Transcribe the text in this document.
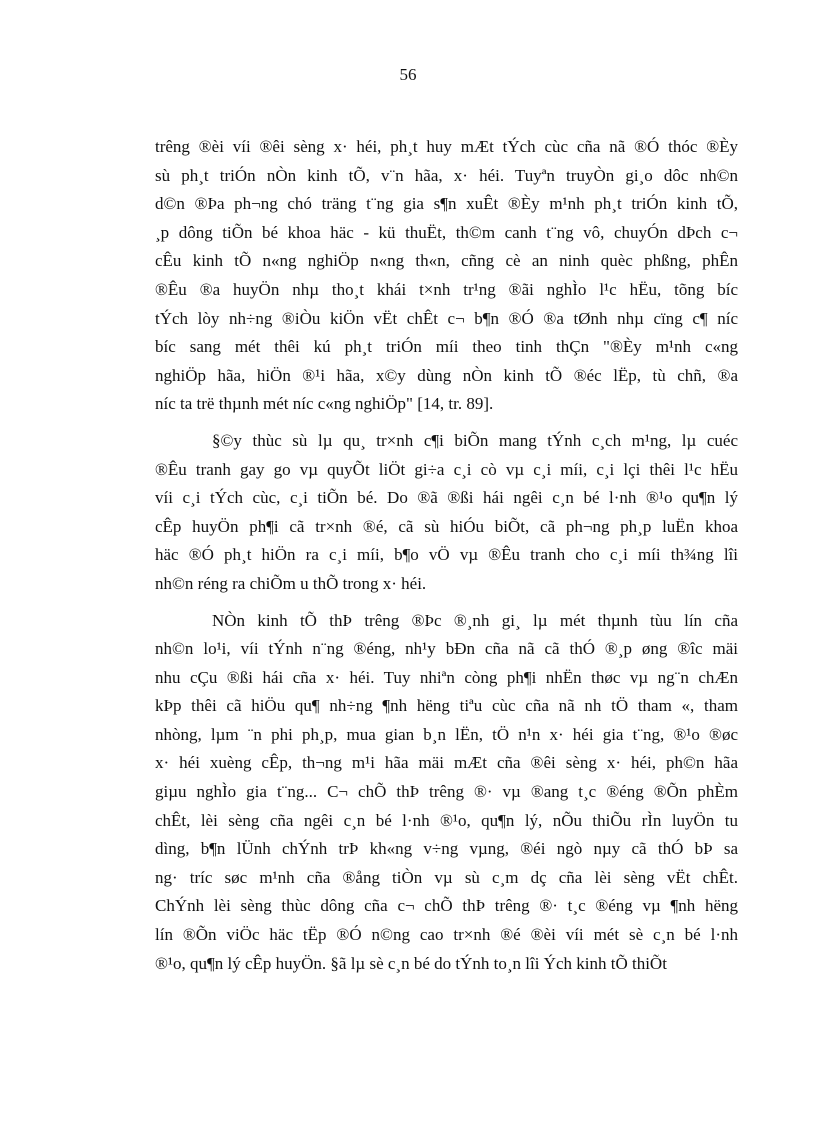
56

trêng ®èi víi ®êi sèng x· héi, ph¸t huy mÆt tÝch cùc cña nã ®Ó thóc ®Èy
sù ph¸t triÓn nÒn kinh tÕ, v¨n hãa, x· héi. Tuyªn truyÒn gi¸o dôc nh©n
d©n ®Þa ph¬ng chó träng t¨ng gia s¶n xuÊt ®Èy m¹nh ph¸t triÓn kinh tÕ,
¸p dông tiÕn bé khoa häc - kü thuËt, th©m canh t¨ng vô, chuyÓn dÞch c¬
cÊu kinh tÕ n«ng nghiÖp n«ng th«n, cñng cè an ninh quèc phßng, phÊn
®Êu ®a huyÖn nhµ tho¸t khái t×nh tr¹ng ®ãi nghÌo l¹c hËu, tõng bíc
tÝch lòy nh÷ng ®iÒu kiÖn vËt chÊt c¬ b¶n ®Ó ®a tØnh nhµ cïng c¶ níc
bíc sang mét thêi kú ph¸t triÓn míi theo tinh thÇn "®Èy m¹nh c«ng
nghiÖp hãa, hiÖn ®¹i hãa, x©y dùng nÒn kinh tÕ ®éc lËp, tù chñ, ®a
níc ta trë thµnh mét níc c«ng nghiÖp" [14, tr. 89].

§©y thùc sù lµ qu¸ tr×nh c¶i biÕn mang tÝnh c¸ch m¹ng, lµ cuéc
®Êu tranh gay go vµ quyÕt liÖt gi÷a c¸i cò vµ c¸i míi, c¸i lçi thêi l¹c hËu
víi c¸i tÝch cùc, c¸i tiÕn bé. Do ®ã ®ßi hái ngêi c¸n bé l·nh ®¹o qu¶n lý
cÊp huyÖn ph¶i cã tr×nh ®é, cã sù hiÓu biÕt, cã ph¬ng ph¸p luËn khoa
häc ®Ó ph¸t hiÖn ra c¸i míi, b¶o vÖ vµ ®Êu tranh cho c¸i míi th¾ng lîi
nh©n réng ra chiÕm u thÕ trong x· héi.

NÒn kinh tÕ thÞ trêng ®Þc ®¸nh gi¸ lµ mét thµnh tùu lín cña
nh©n lo¹i, víi tÝnh n¨ng ®éng, nh¹y bÐn cña nã cã thÓ ®¸p øng ®îc mäi
nhu cÇu ®ßi hái cña x· héi. Tuy nhiªn còng ph¶i nhËn thøc vµ ng¨n chÆn
kÞp thêi cã hiÖu qu¶ nh÷ng ¶nh hëng tiªu cùc cña nã nh tÖ tham «, tham
nhòng, lµm ¨n phi ph¸p, mua gian b¸n lËn, tÖ n¹n x· héi gia t¨ng, ®¹o ®øc
x· héi xuèng cÊp, th¬ng m¹i hãa mäi mÆt cña ®êi sèng x· héi, ph©n hãa
giµu nghÌo gia t¨ng... C¬ chÕ thÞ trêng ®· vµ ®ang t¸c ®éng ®Õn phÈm
chÊt, lèi sèng cña ngêi c¸n bé l·nh ®¹o, qu¶n lý, nÕu thiÕu rÌn luyÖn tu
dìng, b¶n lÜnh chÝnh trÞ kh«ng v÷ng vµng, ®éi ngò nµy cã thÓ bÞ sa
ng· tríc søc m¹nh cña ®ång tiÒn vµ sù c¸m dç cña lèi sèng vËt chÊt.
ChÝnh lèi sèng thùc dông cña c¬ chÕ thÞ trêng ®· t¸c ®éng vµ ¶nh hëng
lín ®Õn viÖc häc tËp ®Ó n©ng cao tr×nh ®é ®èi víi mét sè c¸n bé l·nh
®¹o, qu¶n lý cÊp huyÖn. §ã lµ sè c¸n bé do tÝnh to¸n lîi Ých kinh tÕ thiÕt
